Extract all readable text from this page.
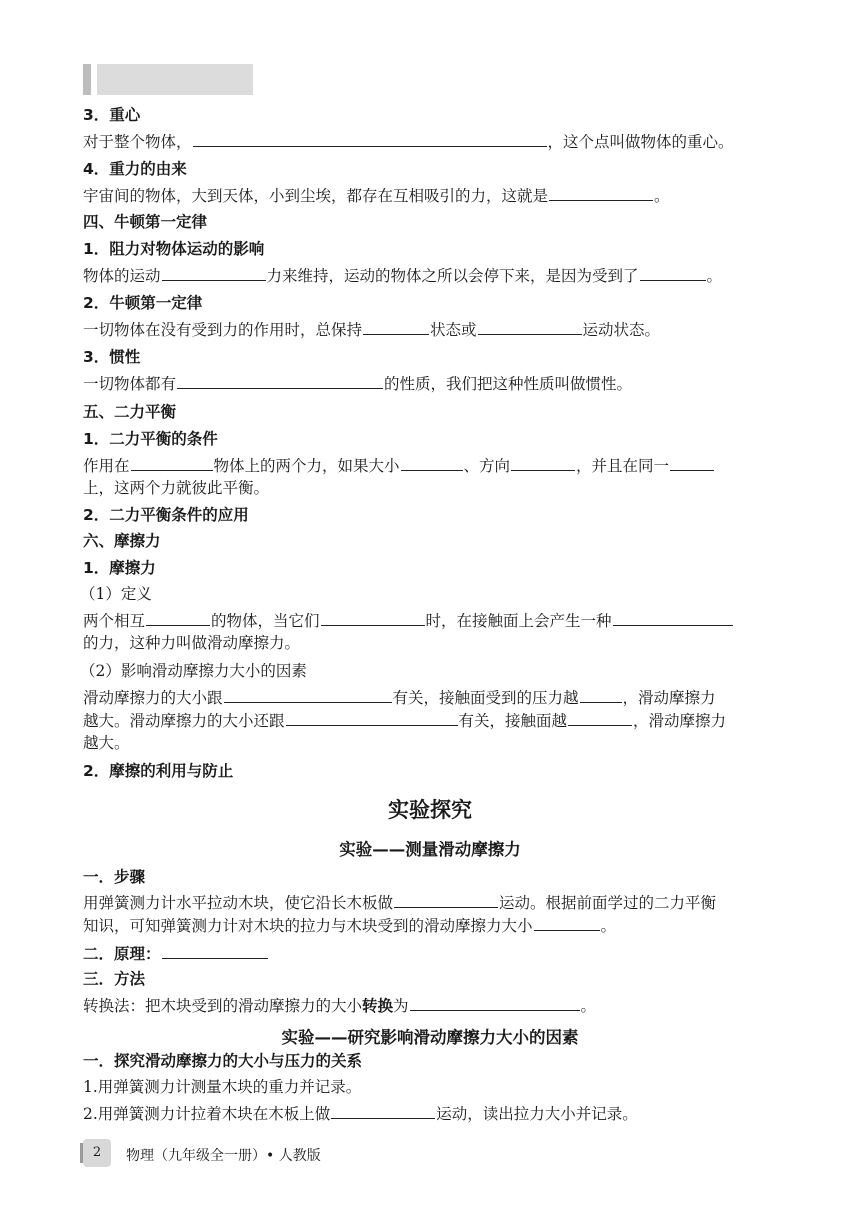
3．重心
对于整个物体，	，这个点叫做物体的重心。
4．重力的由来
宇宙间的物体，大到天体，小到尘埃，都存在互相吸引的力，这就是	。
四、牛顿第一定律
1．阻力对物体运动的影响
物体的运动	力来维持，运动的物体之所以会停下来，是因为受到了	。
2．牛顿第一定律
一切物体在没有受到力的作用时，总保持	状态或	运动状态。
3．惯性
一切物体都有	的性质，我们把这种性质叫做惯性。
五、二力平衡
1．二力平衡的条件
作用在	物体上的两个力，如果大小	、方向	，并且在同一
上，这两个力就彼此平衡。
2．二力平衡条件的应用
六、摩擦力
1．摩擦力
（1）定义
两个相互	的物体，当它们	时，在接触面上会产生一种
的力，这种力叫做滑动摩擦力。
（2）影响滑动摩擦力大小的因素
滑动摩擦力的大小跟	有关，接触面受到的压力越	，滑动摩擦力
越大。滑动摩擦力的大小还跟	有关，接触面越	，滑动摩擦力
越大。
2．摩擦的利用与防止
实验探究
实验——测量滑动摩擦力
一．步骤
用弹簧测力计水平拉动木块，使它沿长木板做	运动。根据前面学过的二力平衡
知识，可知弹簧测力计对木块的拉力与木块受到的滑动摩擦力大小	。
二．原理：
三．方法
转换法：把木块受到的滑动摩擦力的大小转换为	。
实验——研究影响滑动摩擦力大小的因素
一．探究滑动摩擦力的大小与压力的关系
1.用弹簧测力计测量木块的重力并记录。
2.用弹簧测力计拉着木块在木板上做	运动，读出拉力大小并记录。
2	物理（九年级全一册）• 人教版
